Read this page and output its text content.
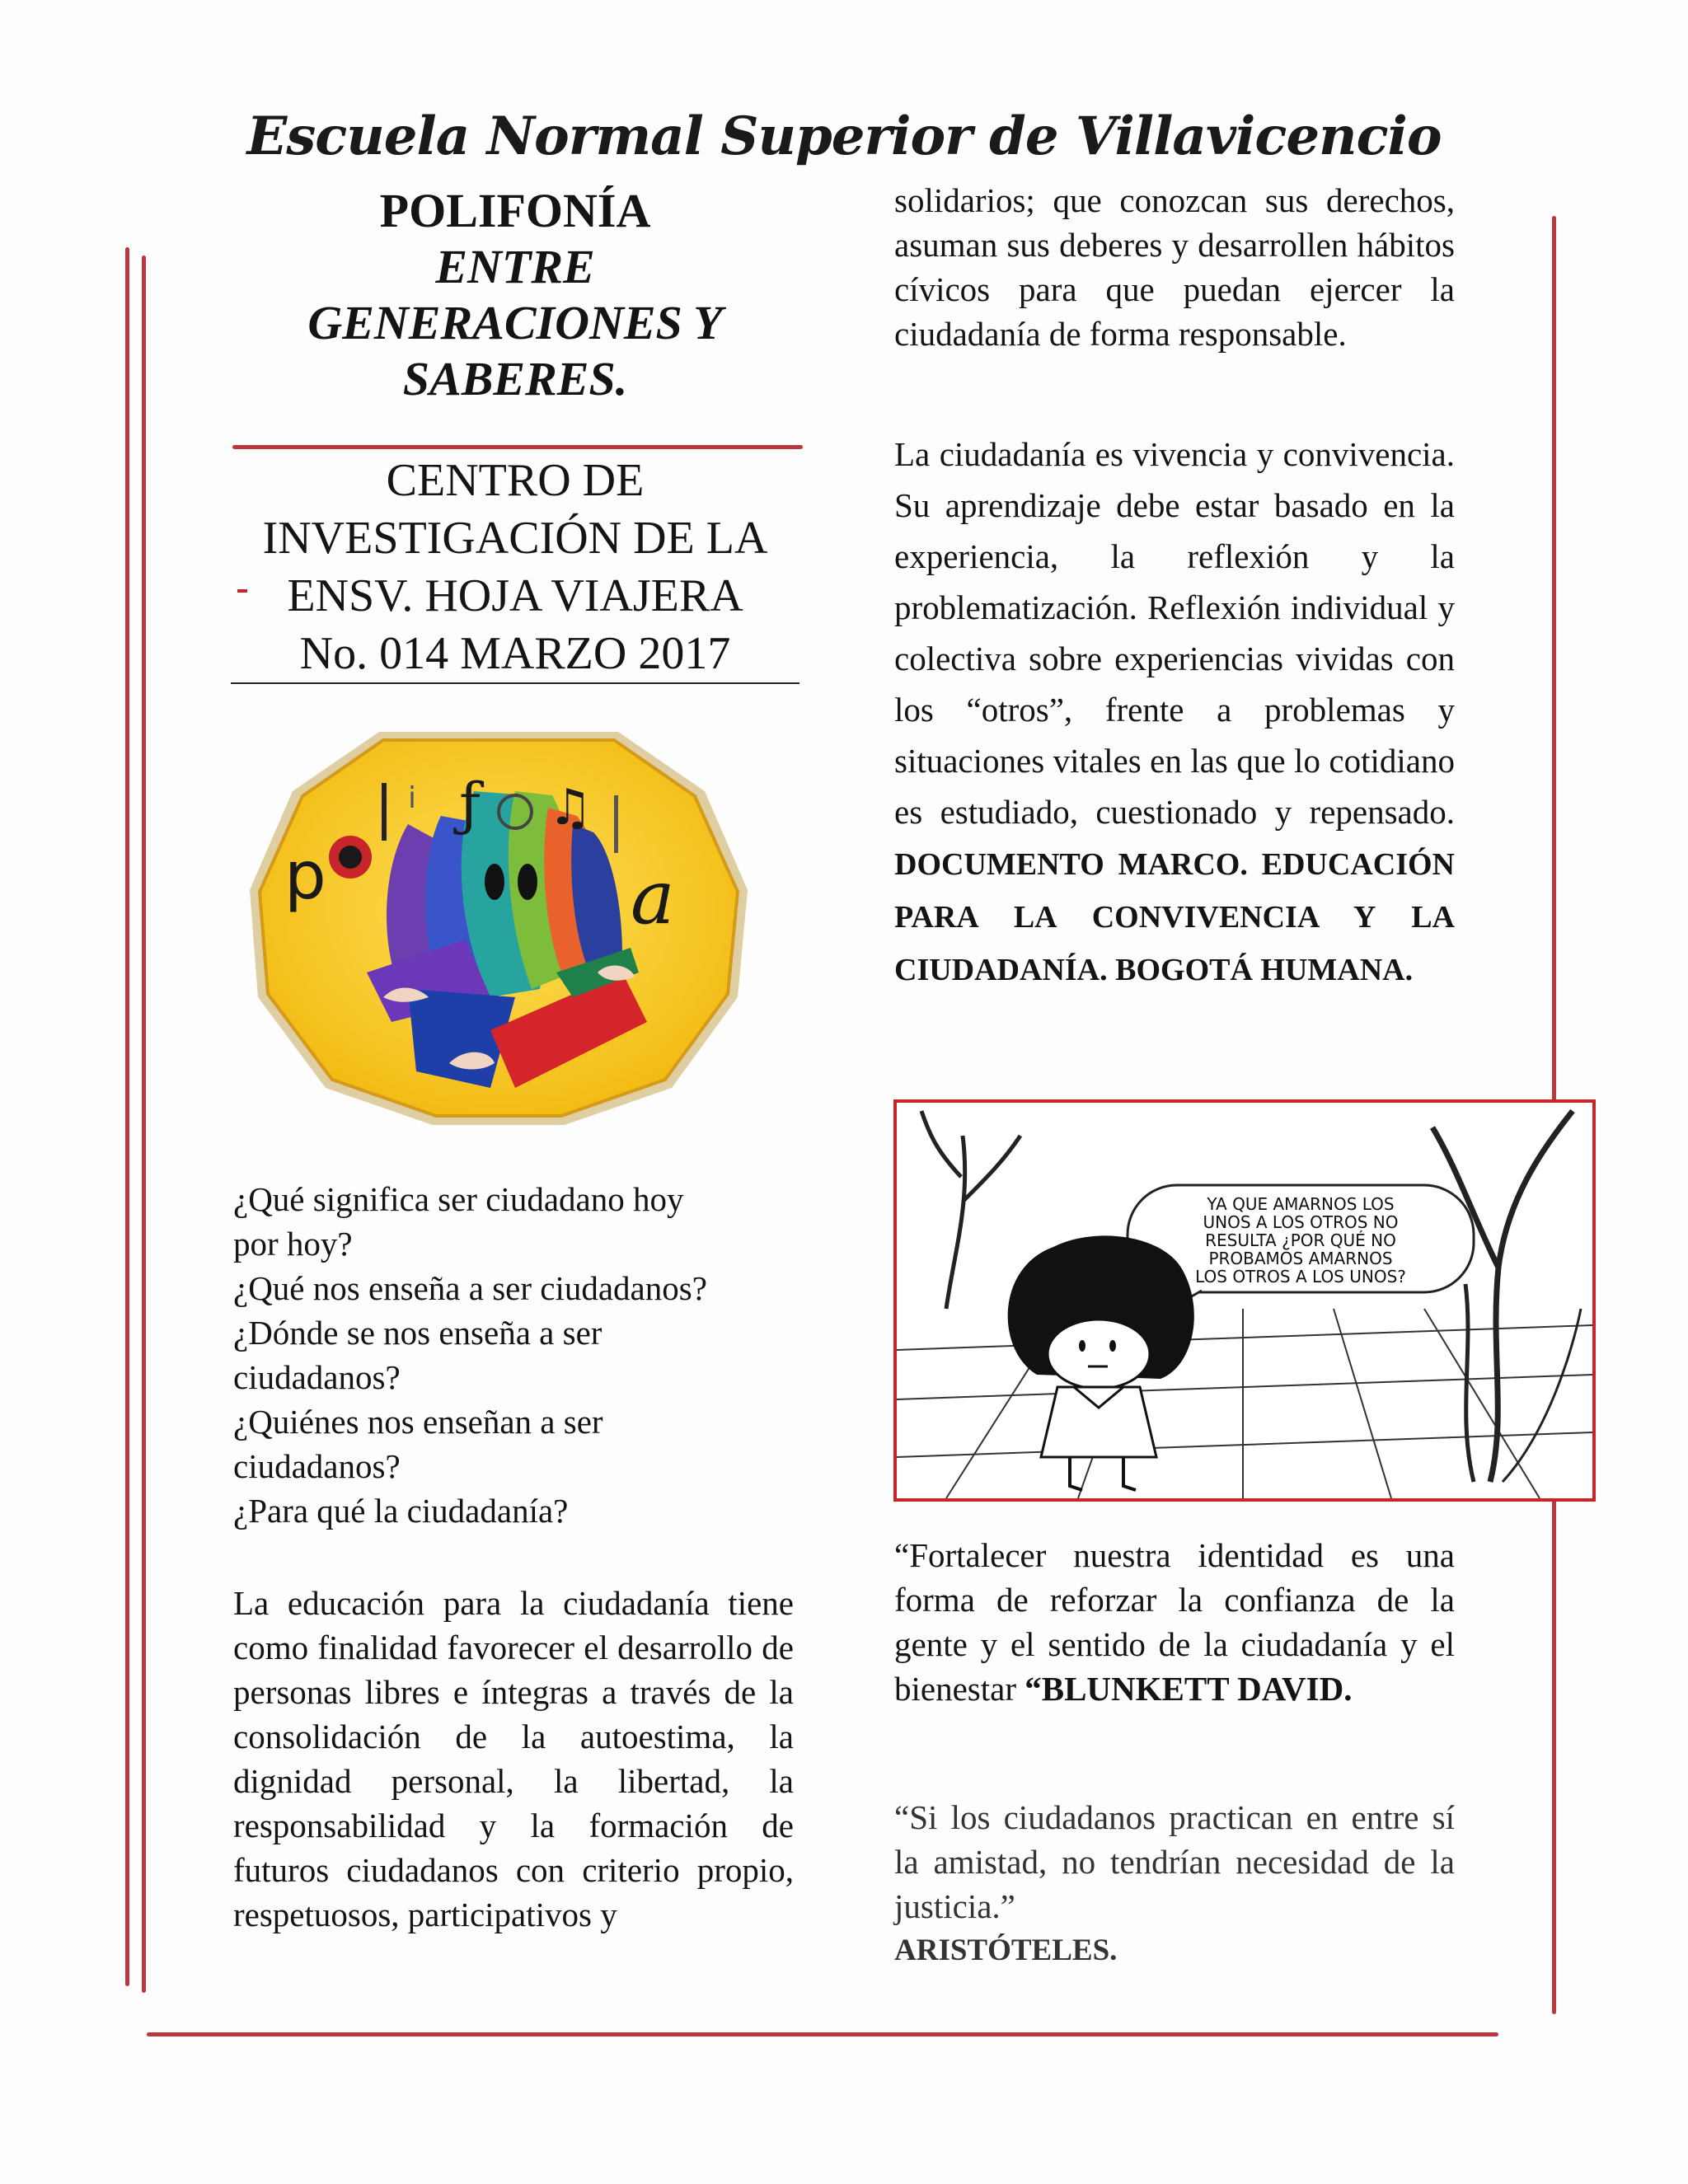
Escuela Normal Superior de Villavicencio
POLIFONÍA
ENTRE
GENERACIONES Y
SABERES.
CENTRO DE
INVESTIGACIÓN DE LA
ENSV. HOJA VIAJERA
No. 014 MARZO 2017
p
i ƒ ♫
a
¿Qué significa ser ciudadano hoy
por hoy?
¿Qué nos enseña a ser ciudadanos?
¿Dónde se nos enseña a ser
ciudadanos?
¿Quiénes nos enseñan a ser
ciudadanos?
¿Para qué la ciudadanía?
La educación para la ciudadanía tiene como finalidad favorecer el desarrollo de personas libres e íntegras a través de la consolidación de la autoestima, la dignidad personal, la libertad, la responsabilidad y la formación de futuros ciudadanos con criterio propio, respetuosos, participativos y
solidarios; que conozcan sus derechos, asuman sus deberes y desarrollen hábitos cívicos para que puedan ejercer la ciudadanía de forma responsable.
La ciudadanía es vivencia y convivencia. Su aprendizaje debe estar basado en la experiencia, la reflexión y la problematización. Reflexión individual y colectiva sobre experiencias vividas con los “otros”, frente a problemas y situaciones vitales en las que lo cotidiano es estudiado, cuestionado y repensado. DOCUMENTO MARCO. EDUCACIÓN PARA LA CONVIVENCIA Y LA CIUDADANÍA. BOGOTÁ HUMANA.
YA QUE AMARNOS LOS
UNOS A LOS OTROS NO
RESULTA ¿POR QUÉ NO
PROBAMOS AMARNOS
LOS OTROS A LOS UNOS?
“Fortalecer nuestra identidad es una forma de reforzar la confianza de la gente y el sentido de la ciudadanía y el bienestar “BLUNKETT DAVID.
“Si los ciudadanos practican en entre sí la amistad, no tendrían necesidad de la justicia.”
ARISTÓTELES.
